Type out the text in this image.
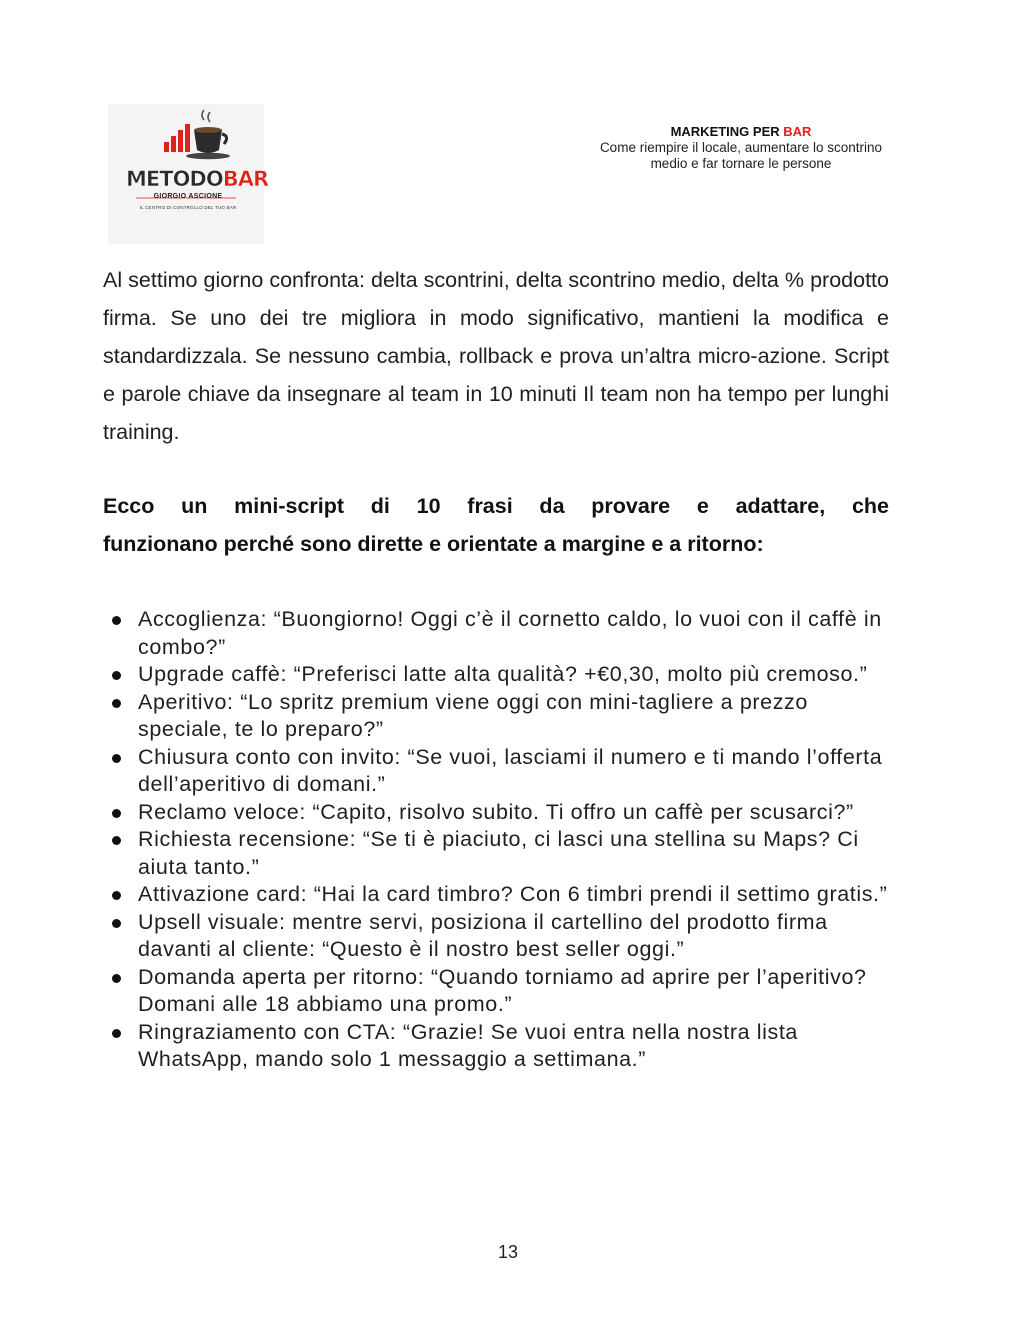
METODOBAR
GIORGIO ASCIONE
IL CENTRO DI CONTROLLO DEL TUO BAR
MARKETING PER BAR
Come riempire il locale, aumentare lo scontrino
medio e far tornare le persone

Al settimo giorno confronta: delta scontrini, delta scontrino medio, delta % prodotto firma. Se uno dei tre migliora in modo significativo, mantieni la modifica e standardizzala. Se nessuno cambia, rollback e prova un’altra micro-azione. Script e parole chiave da insegnare al team in 10 minuti Il team non ha tempo per lunghi training.

Ecco un mini-script di 10 frasi da provare e adattare, che
funzionano perché sono dirette e orientate a margine e a ritorno:

Accoglienza: “Buongiorno! Oggi c’è il cornetto caldo, lo vuoi con il caffè in combo?”
Upgrade caffè: “Preferisci latte alta qualità? +€0,30, molto più cremoso.”
Aperitivo: “Lo spritz premium viene oggi con mini-tagliere a prezzo speciale, te lo preparo?”
Chiusura conto con invito: “Se vuoi, lasciami il numero e ti mando l’offerta dell’aperitivo di domani.”
Reclamo veloce: “Capito, risolvo subito. Ti offro un caffè per scusarci?”
Richiesta recensione: “Se ti è piaciuto, ci lasci una stellina su Maps? Ci aiuta tanto.”
Attivazione card: “Hai la card timbro? Con 6 timbri prendi il settimo gratis.”
Upsell visuale: mentre servi, posiziona il cartellino del prodotto firma davanti al cliente: “Questo è il nostro best seller oggi.”
Domanda aperta per ritorno: “Quando torniamo ad aprire per l’aperitivo? Domani alle 18 abbiamo una promo.”
Ringraziamento con CTA: “Grazie! Se vuoi entra nella nostra lista WhatsApp, mando solo 1 messaggio a settimana.”
13
